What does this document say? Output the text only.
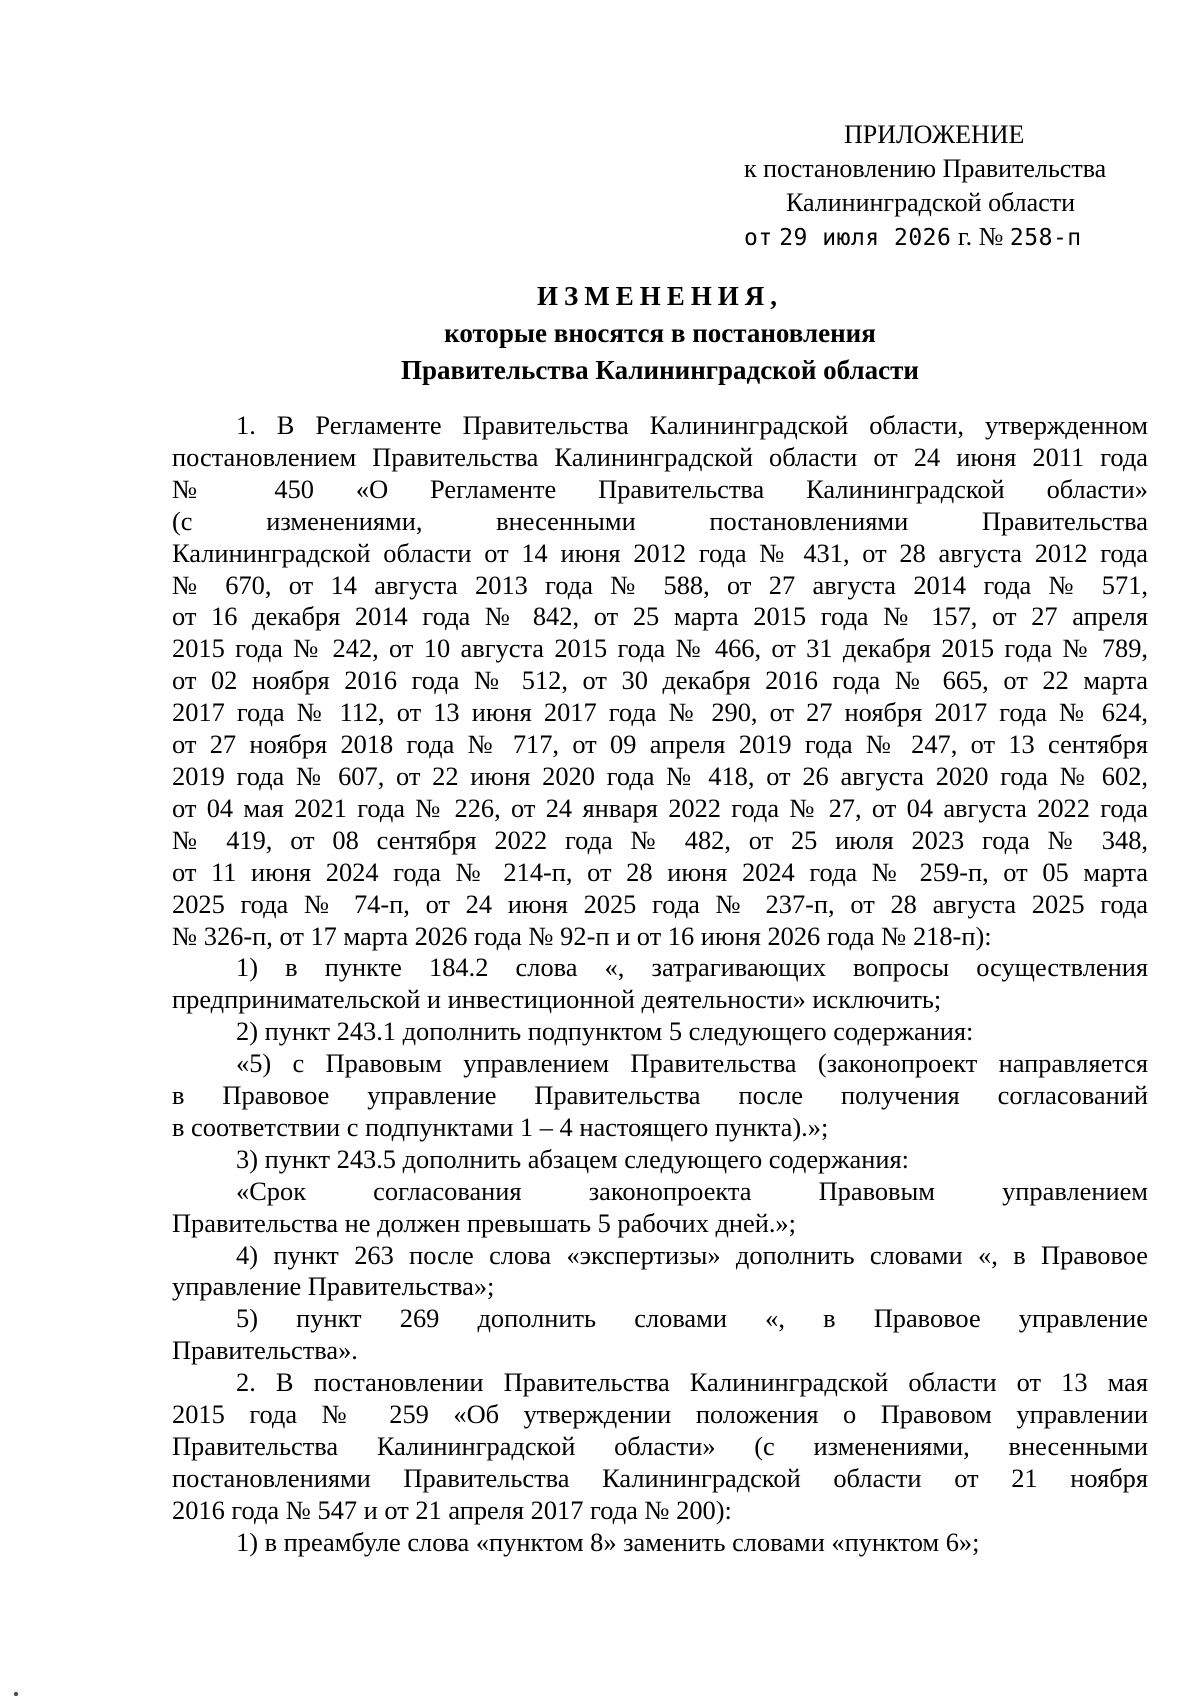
ПРИЛОЖЕНИЕ
к постановлению Правительства
Калининградской области
от 29 июля 2026 г. № 258-п
ИЗМЕНЕНИЯ,
которые вносятся в постановления
Правительства Калининградской области
1. В Регламенте Правительства Калининградской области, утвержденном
постановлением Правительства Калининградской области от 24 июня 2011 года
№ 450 «О Регламенте Правительства Калининградской области»
(с изменениями, внесенными постановлениями Правительства
Калининградской области от 14 июня 2012 года № 431, от 28 августа 2012 года
№ 670, от 14 августа 2013 года № 588, от 27 августа 2014 года № 571,
от 16 декабря 2014 года № 842, от 25 марта 2015 года № 157, от 27 апреля
2015 года № 242, от 10 августа 2015 года № 466, от 31 декабря 2015 года № 789,
от 02 ноября 2016 года № 512, от 30 декабря 2016 года № 665, от 22 марта
2017 года № 112, от 13 июня 2017 года № 290, от 27 ноября 2017 года № 624,
от 27 ноября 2018 года № 717, от 09 апреля 2019 года № 247, от 13 сентября
2019 года № 607, от 22 июня 2020 года № 418, от 26 августа 2020 года № 602,
от 04 мая 2021 года № 226, от 24 января 2022 года № 27, от 04 августа 2022 года
№ 419, от 08 сентября 2022 года № 482, от 25 июля 2023 года № 348,
от 11 июня 2024 года № 214-п, от 28 июня 2024 года № 259-п, от 05 марта
2025 года № 74-п, от 24 июня 2025 года № 237-п, от 28 августа 2025 года
№ 326-п, от 17 марта 2026 года № 92-п и от 16 июня 2026 года № 218-п):
1) в пункте 184.2 слова «, затрагивающих вопросы осуществления
предпринимательской и инвестиционной деятельности» исключить;
2) пункт 243.1 дополнить подпунктом 5 следующего содержания:
«5) с Правовым управлением Правительства (законопроект направляется
в Правовое управление Правительства после получения согласований
в соответствии с подпунктами 1 – 4 настоящего пункта).»;
3) пункт 243.5 дополнить абзацем следующего содержания:
«Срок согласования законопроекта Правовым управлением
Правительства не должен превышать 5 рабочих дней.»;
4) пункт 263 после слова «экспертизы» дополнить словами «, в Правовое
управление Правительства»;
5) пункт 269 дополнить словами «, в Правовое управление
Правительства».
2. В постановлении Правительства Калининградской области от 13 мая
2015 года № 259 «Об утверждении положения о Правовом управлении
Правительства Калининградской области» (с изменениями, внесенными
постановлениями Правительства Калининградской области от 21 ноября
2016 года № 547 и от 21 апреля 2017 года № 200):
1) в преамбуле слова «пунктом 8» заменить словами «пунктом 6»;
